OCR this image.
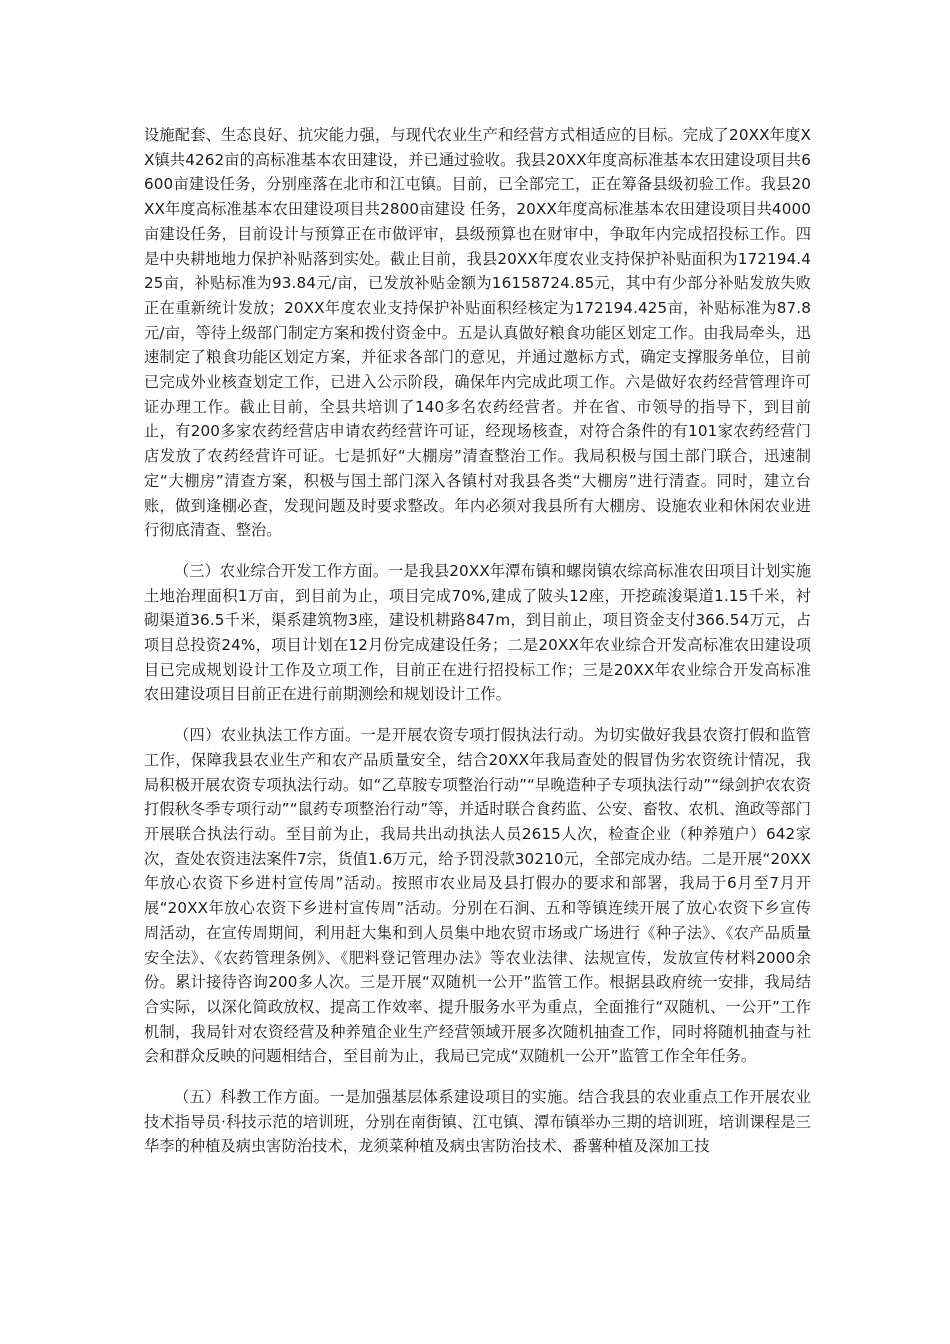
设施配套、生态良好、抗灾能力强，与现代农业生产和经营方式相适应的目标。完成了20XX年度XX镇共4262亩的高标准基本农田建设，并已通过验收。我县20XX年度高标准基本农田建设项目共6600亩建设任务，分别座落在北市和江屯镇。目前，已全部完工，正在筹备县级初验工作。我县20XX年度高标准基本农田建设项目共2800亩建设 任务，20XX年度高标准基本农田建设项目共4000亩建设任务，目前设计与预算正在市做评审，县级预算也在财审中，争取年内完成招投标工作。四是中央耕地地力保护补贴落到实处。截止目前，我县20XX年度农业支持保护补贴面积为172194.425亩，补贴标准为93.84元/亩，已发放补贴金额为16158724.85元，其中有少部分补贴发放失败正在重新统计发放；20XX年度农业支持保护补贴面积经核定为172194.425亩，补贴标准为87.8元/亩，等待上级部门制定方案和拨付资金中。五是认真做好粮食功能区划定工作。由我局牵头，迅速制定了粮食功能区划定方案，并征求各部门的意见，并通过邀标方式，确定支撑服务单位，目前已完成外业核查划定工作，已进入公示阶段，确保年内完成此项工作。六是做好农药经营管理许可证办理工作。截止目前，全县共培训了140多名农药经营者。并在省、市领导的指导下，到目前止，有200多家农药经营店申请农药经营许可证，经现场核查，对符合条件的有101家农药经营门店发放了农药经营许可证。七是抓好“大棚房”清查整治工作。我局积极与国土部门联合，迅速制定“大棚房”清查方案，积极与国土部门深入各镇村对我县各类“大棚房”进行清查。同时，建立台账，做到逢棚必查，发现问题及时要求整改。年内必须对我县所有大棚房、设施农业和休闲农业进行彻底清查、整治。

（三）农业综合开发工作方面。一是我县20XX年潭布镇和螺岗镇农综高标准农田项目计划实施土地治理面积1万亩，到目前为止，项目完成70%,建成了陂头12座，开挖疏浚渠道1.15千米，衬砌渠道36.5千米，渠系建筑物3座，建设机耕路847m，到目前止，项目资金支付366.54万元，占项目总投资24%，项目计划在12月份完成建设任务；二是20XX年农业综合开发高标准农田建设项目已完成规划设计工作及立项工作，目前正在进行招投标工作；三是20XX年农业综合开发高标准农田建设项目目前正在进行前期测绘和规划设计工作。

（四）农业执法工作方面。一是开展农资专项打假执法行动。为切实做好我县农资打假和监管工作，保障我县农业生产和农产品质量安全，结合20XX年我局查处的假冒伪劣农资统计情况，我局积极开展农资专项执法行动。如“乙草胺专项整治行动”“早晚造种子专项执法行动”“绿剑护农农资打假秋冬季专项行动”“鼠药专项整治行动”等，并适时联合食药监、公安、畜牧、农机、渔政等部门开展联合执法行动。至目前为止，我局共出动执法人员2615人次，检查企业（种养殖户）642家次，查处农资违法案件7宗，货值1.6万元，给予罚没款30210元，全部完成办结。二是开展“20XX年放心农资下乡进村宣传周”活动。按照市农业局及县打假办的要求和部署，我局于6月至7月开展“20XX年放心农资下乡进村宣传周”活动。分别在石涧、五和等镇连续开展了放心农资下乡宣传周活动，在宣传周期间，利用赶大集和到人员集中地农贸市场或广场进行《种子法》、《农产品质量安全法》、《农药管理条例》、《肥料登记管理办法》等农业法律、法规宣传，发放宣传材料2000余份。累计接待咨询200多人次。三是开展“双随机一公开”监管工作。根据县政府统一安排，我局结合实际，以深化简政放权、提高工作效率、提升服务水平为重点，全面推行“双随机、一公开”工作机制，我局针对农资经营及种养殖企业生产经营领域开展多次随机抽查工作，同时将随机抽查与社会和群众反映的问题相结合，至目前为止，我局已完成“双随机一公开”监管工作全年任务。

（五）科教工作方面。一是加强基层体系建设项目的实施。结合我县的农业重点工作开展农业技术指导员·科技示范的培训班，分别在南街镇、江屯镇、潭布镇举办三期的培训班，培训课程是三华李的种植及病虫害防治技术，龙须菜种植及病虫害防治技术、番薯种植及深加工技
